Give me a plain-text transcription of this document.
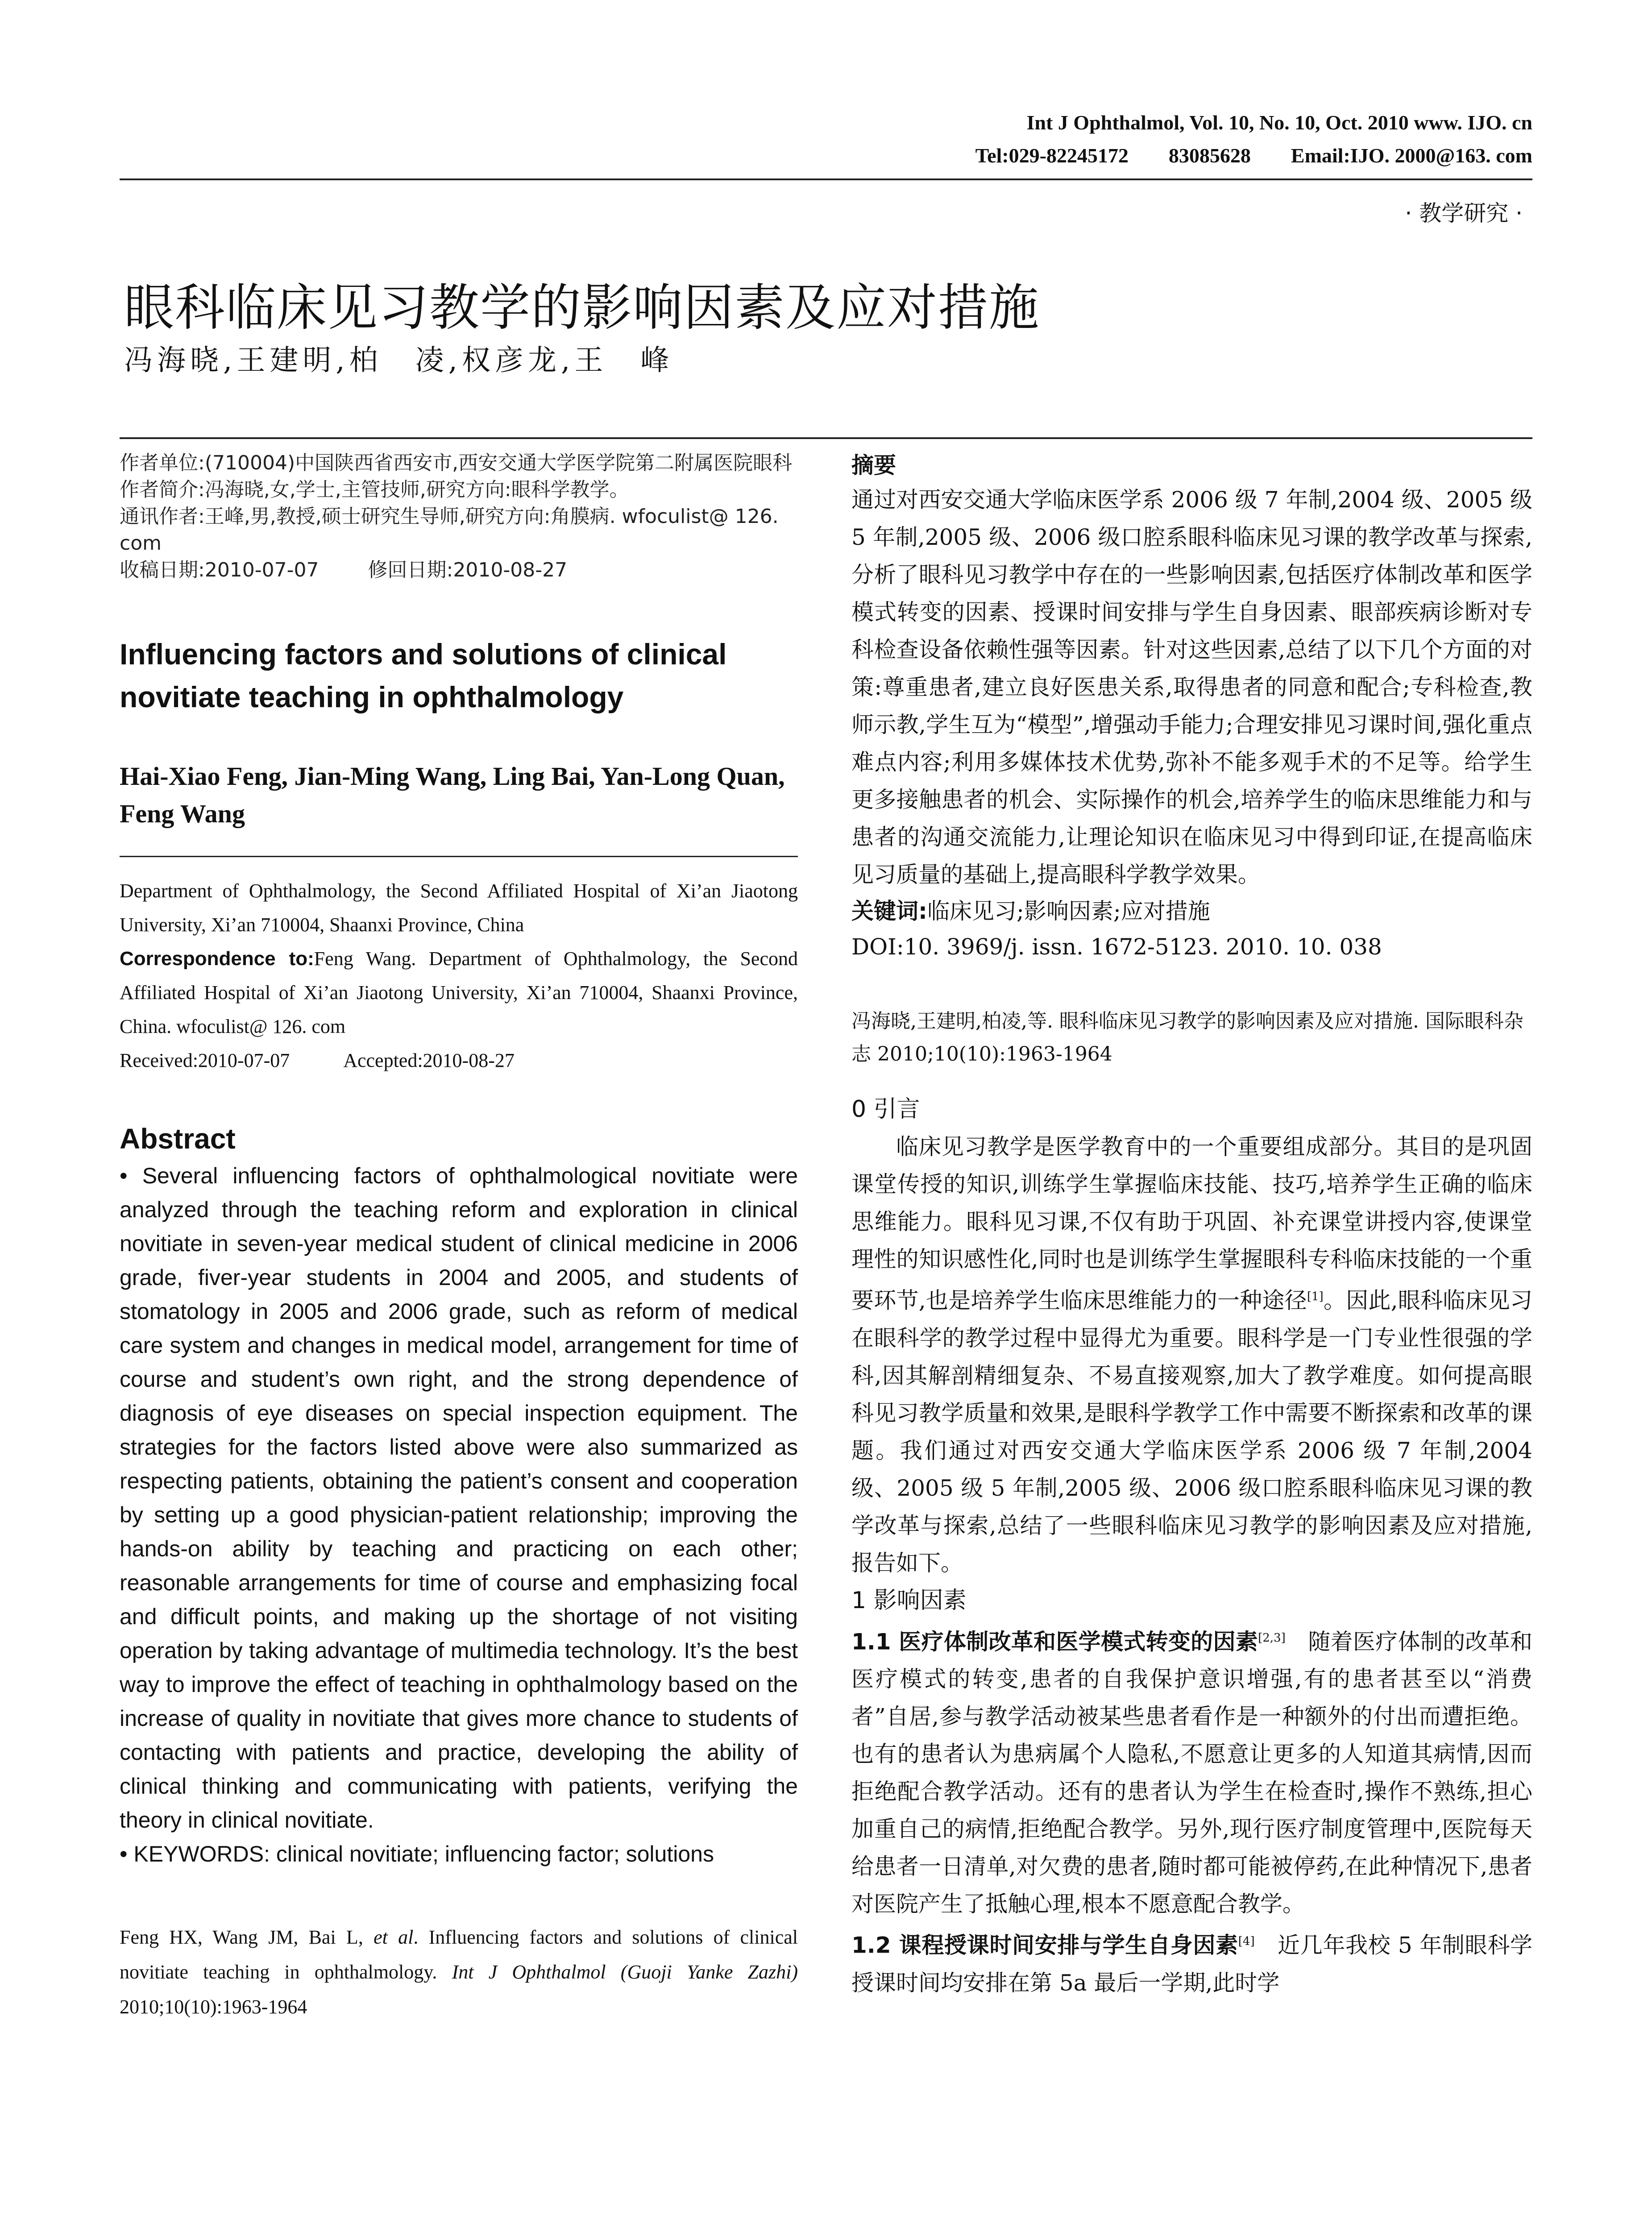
Int J Ophthalmol, Vol. 10, No. 10, Oct. 2010 www. IJO. cn
Tel:029-82245172 83085628 Email:IJO. 2000@163. com
· 教学研究 ·
眼科临床见习教学的影响因素及应对措施
冯海晓,王建明,柏　凌,权彦龙,王　峰

作者单位:(710004)中国陕西省西安市,西安交通大学医学院第二附属医院眼科

作者简介:冯海晓,女,学士,主管技师,研究方向:眼科学教学。

通讯作者:王峰,男,教授,硕士研究生导师,研究方向:角膜病. wfoculist@ 126. com

收稿日期:2010-07-07	修回日期:2010-08-27

Influencing factors and solutions of clinical novitiate teaching in ophthalmology
Hai-Xiao Feng, Jian-Ming Wang, Ling Bai, Yan-Long Quan, Feng Wang

Department of Ophthalmology, the Second Affiliated Hospital of Xi’an Jiaotong University, Xi’an 710004, Shaanxi Province, China

Correspondence to:Feng Wang. Department of Ophthalmology, the Second Affiliated Hospital of Xi’an Jiaotong University, Xi’an 710004, Shaanxi Province, China. wfoculist@ 126. com

Received:2010-07-07	Accepted:2010-08-27

Abstract

• Several influencing factors of ophthalmological novitiate were analyzed through the teaching reform and exploration in clinical novitiate in seven-year medical student of clinical medicine in 2006 grade, fiver-year students in 2004 and 2005, and students of stomatology in 2005 and 2006 grade, such as reform of medical care system and changes in medical model, arrangement for time of course and student’s own right, and the strong dependence of diagnosis of eye diseases on special inspection equipment. The strategies for the factors listed above were also summarized as respecting patients, obtaining the patient’s consent and cooperation by setting up a good physician-patient relationship; improving the hands-on ability by teaching and practicing on each other; reasonable arrangements for time of course and emphasizing focal and difficult points, and making up the shortage of not visiting operation by taking advantage of multimedia technology. It’s the best way to improve the effect of teaching in ophthalmology based on the increase of quality in novitiate that gives more chance to students of contacting with patients and practice, developing the ability of clinical thinking and communicating with patients, verifying the theory in clinical novitiate.

• KEYWORDS: clinical novitiate; influencing factor; solutions

Feng HX, Wang JM, Bai L, et al. Influencing factors and solutions of clinical novitiate teaching in ophthalmology. Int J Ophthalmol (Guoji Yanke Zazhi) 2010;10(10):1963-1964
摘要
通过对西安交通大学临床医学系 2006 级 7 年制,2004 级、2005 级 5 年制,2005 级、2006 级口腔系眼科临床见习课的教学改革与探索,分析了眼科见习教学中存在的一些影响因素,包括医疗体制改革和医学模式转变的因素、授课时间安排与学生自身因素、眼部疾病诊断对专科检查设备依赖性强等因素。针对这些因素,总结了以下几个方面的对策:尊重患者,建立良好医患关系,取得患者的同意和配合;专科检查,教师示教,学生互为“模型”,增强动手能力;合理安排见习课时间,强化重点难点内容;利用多媒体技术优势,弥补不能多观手术的不足等。给学生更多接触患者的机会、实际操作的机会,培养学生的临床思维能力和与患者的沟通交流能力,让理论知识在临床见习中得到印证,在提高临床见习质量的基础上,提高眼科学教学效果。
关键词:临床见习;影响因素;应对措施
DOI:10. 3969/j. issn. 1672-5123. 2010. 10. 038
冯海晓,王建明,柏凌,等. 眼科临床见习教学的影响因素及应对措施. 国际眼科杂志 2010;10(10):1963-1964
0 引言

临床见习教学是医学教育中的一个重要组成部分。其目的是巩固课堂传授的知识,训练学生掌握临床技能、技巧,培养学生正确的临床思维能力。眼科见习课,不仅有助于巩固、补充课堂讲授内容,使课堂理性的知识感性化,同时也是训练学生掌握眼科专科临床技能的一个重要环节,也是培养学生临床思维能力的一种途径[1]。因此,眼科临床见习在眼科学的教学过程中显得尤为重要。眼科学是一门专业性很强的学科,因其解剖精细复杂、不易直接观察,加大了教学难度。如何提高眼科见习教学质量和效果,是眼科学教学工作中需要不断探索和改革的课题。我们通过对西安交通大学临床医学系 2006 级 7 年制,2004 级、2005 级 5 年制,2005 级、2006 级口腔系眼科临床见习课的教学改革与探索,总结了一些眼科临床见习教学的影响因素及应对措施,报告如下。

1 影响因素

1.1 医疗体制改革和医学模式转变的因素[2,3]　 随着医疗体制的改革和医疗模式的转变,患者的自我保护意识增强,有的患者甚至以“消费者”自居,参与教学活动被某些患者看作是一种额外的付出而遭拒绝。也有的患者认为患病属个人隐私,不愿意让更多的人知道其病情,因而拒绝配合教学活动。还有的患者认为学生在检查时,操作不熟练,担心加重自己的病情,拒绝配合教学。另外,现行医疗制度管理中,医院每天给患者一日清单,对欠费的患者,随时都可能被停药,在此种情况下,患者对医院产生了抵触心理,根本不愿意配合教学。

1.2 课程授课时间安排与学生自身因素[4]　 近几年我校 5 年制眼科学授课时间均安排在第 5a 最后一学期,此时学
